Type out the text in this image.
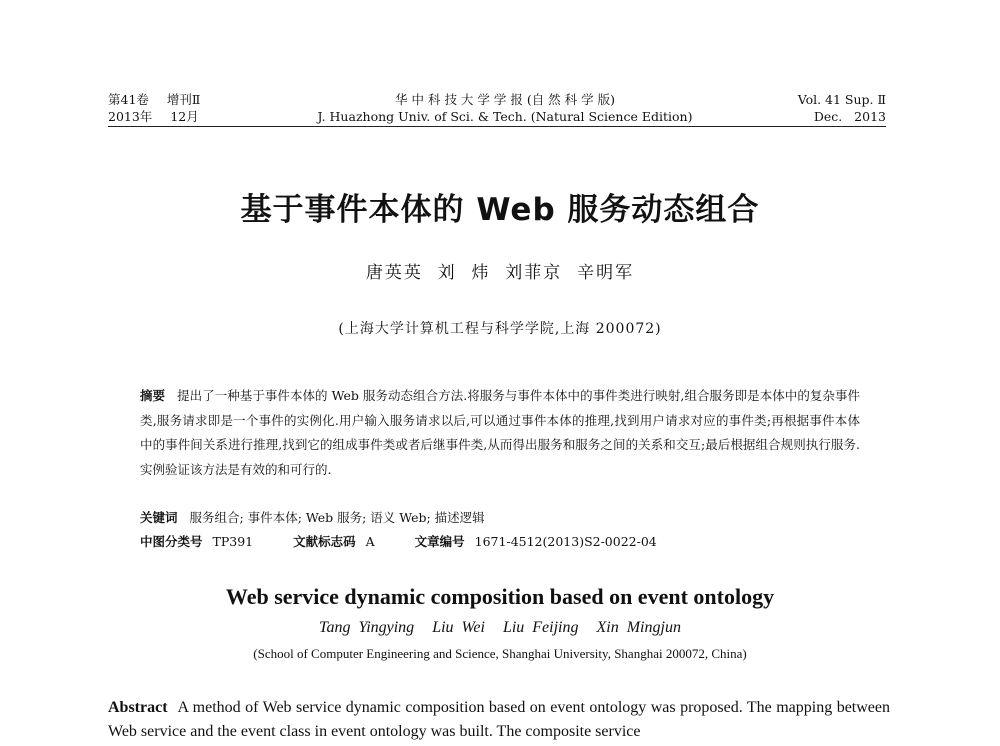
第41卷 增刊Ⅱ
2013年 12月
华 中 科 技 大 学 学 报 (自 然 科 学 版)
J. Huazhong Univ. of Sci. & Tech. (Natural Science Edition)
Vol. 41 Sup. Ⅱ
Dec.   2013
基于事件本体的 Web 服务动态组合
唐英英  刘  炜  刘菲京  辛明军
(上海大学计算机工程与科学学院,上海 200072)
摘要 提出了一种基于事件本体的 Web 服务动态组合方法.将服务与事件本体中的事件类进行映射,组合服务即是本体中的复杂事件类,服务请求即是一个事件的实例化.用户输入服务请求以后,可以通过事件本体的推理,找到用户请求对应的事件类;再根据事件本体中的事件间关系进行推理,找到它的组成事件类或者后继事件类,从而得出服务和服务之间的关系和交互;最后根据组合规则执行服务.实例验证该方法是有效的和可行的.
关键词 服务组合; 事件本体; Web 服务; 语义 Web; 描述逻辑
中图分类号 TP391	文献标志码 A	文章编号 1671-4512(2013)S2-0022-04
Web service dynamic composition based on event ontology
Tang Yingying Liu Wei Liu Feijing Xin Mingjun
(School of Computer Engineering and Science, Shanghai University, Shanghai 200072, China)
Abstract A method of Web service dynamic composition based on event ontology was proposed. The mapping between Web service and the event class in event ontology was built. The composite service
